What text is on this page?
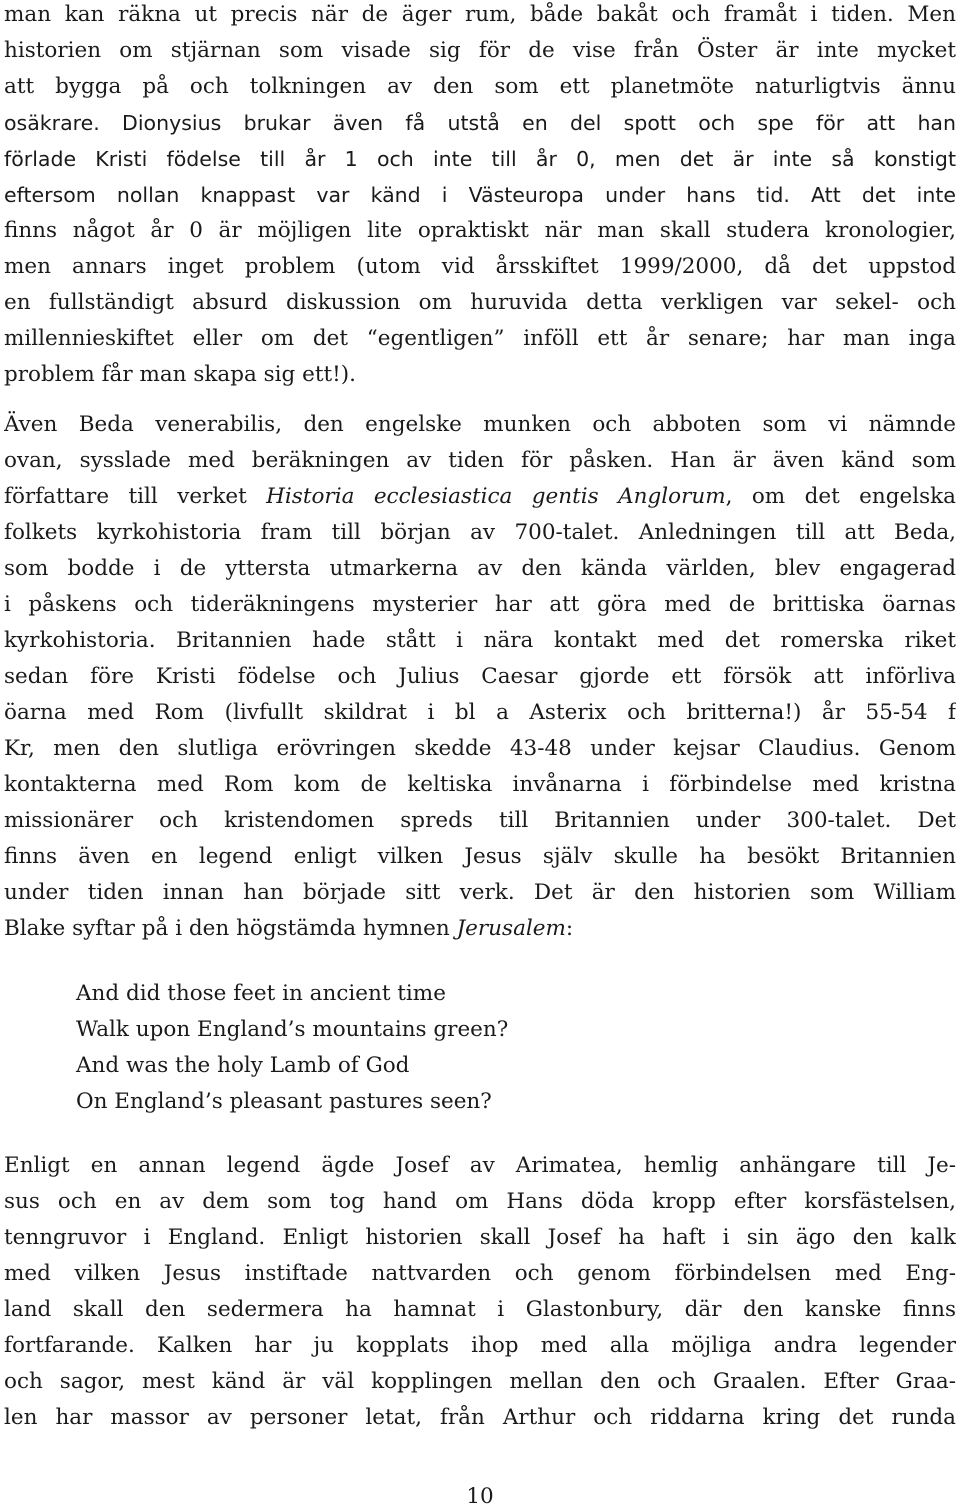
man kan räkna ut precis när de äger rum, både bakåt och framåt i tiden. Men
historien om stjärnan som visade sig för de vise från Öster är inte mycket
att bygga på och tolkningen av den som ett planetmöte naturligtvis ännu
osäkrare. Dionysius brukar även få utstå en del spott och spe för att han
förlade Kristi födelse till år 1 och inte till år 0, men det är inte så konstigt
eftersom nollan knappast var känd i Västeuropa under hans tid. Att det inte
finns något år 0 är möjligen lite opraktiskt när man skall studera kronologier,
men annars inget problem (utom vid årsskiftet 1999/2000, då det uppstod
en fullständigt absurd diskussion om huruvida detta verkligen var sekel- och
millennieskiftet eller om det “egentligen” inföll ett år senare; har man inga
problem får man skapa sig ett!).
Även Beda venerabilis, den engelske munken och abboten som vi nämnde
ovan, sysslade med beräkningen av tiden för påsken. Han är även känd som
författare till verket Historia ecclesiastica gentis Anglorum, om det engelska
folkets kyrkohistoria fram till början av 700-talet. Anledningen till att Beda,
som bodde i de yttersta utmarkerna av den kända världen, blev engagerad
i påskens och tideräkningens mysterier har att göra med de brittiska öarnas
kyrkohistoria. Britannien hade stått i nära kontakt med det romerska riket
sedan före Kristi födelse och Julius Caesar gjorde ett försök att införliva
öarna med Rom (livfullt skildrat i bl a Asterix och britterna!) år 55-54 f
Kr, men den slutliga erövringen skedde 43-48 under kejsar Claudius. Genom
kontakterna med Rom kom de keltiska invånarna i förbindelse med kristna
missionärer och kristendomen spreds till Britannien under 300-talet. Det
finns även en legend enligt vilken Jesus själv skulle ha besökt Britannien
under tiden innan han började sitt verk. Det är den historien som William
Blake syftar på i den högstämda hymnen Jerusalem:
And did those feet in ancient time
Walk upon England’s mountains green?
And was the holy Lamb of God
On England’s pleasant pastures seen?
Enligt en annan legend ägde Josef av Arimatea, hemlig anhängare till Je-
sus och en av dem som tog hand om Hans döda kropp efter korsfästelsen,
tenngruvor i England. Enligt historien skall Josef ha haft i sin ägo den kalk
med vilken Jesus instiftade nattvarden och genom förbindelsen med Eng-
land skall den sedermera ha hamnat i Glastonbury, där den kanske finns
fortfarande. Kalken har ju kopplats ihop med alla möjliga andra legender
och sagor, mest känd är väl kopplingen mellan den och Graalen. Efter Graa-
len har massor av personer letat, från Arthur och riddarna kring det runda
10
